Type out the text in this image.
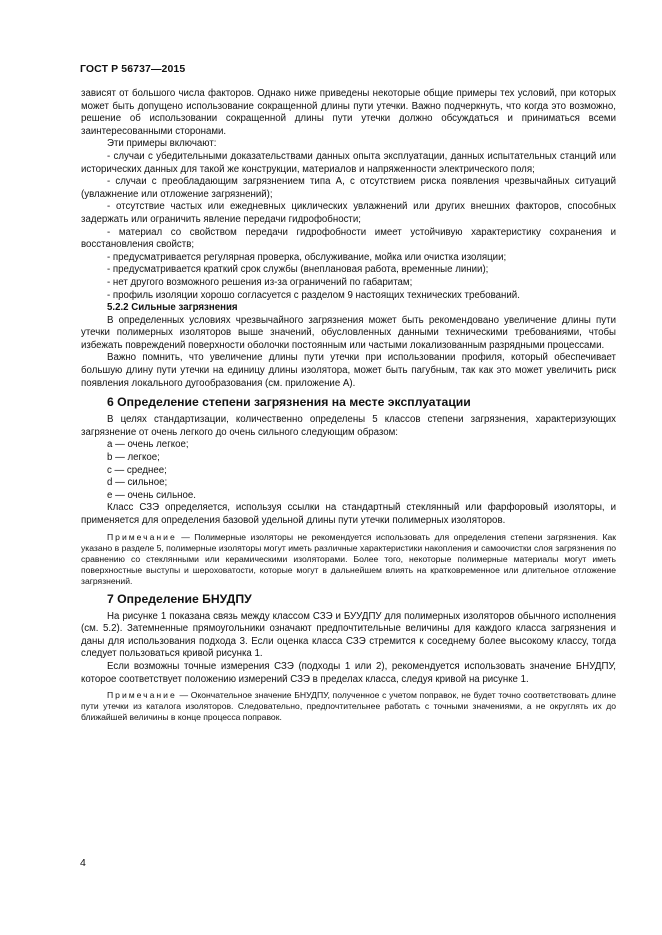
ГОСТ Р 56737—2015

зависят от большого числа факторов. Однако ниже приведены некоторые общие примеры тех условий, при которых может быть допущено использование сокращенной длины пути утечки. Важно подчеркнуть, что когда это возможно, решение об использовании сокращенной длины пути утечки должно обсуждаться и приниматься всеми заинтересованными сторонами.

Эти примеры включают:

- случаи с убедительными доказательствами данных опыта эксплуатации, данных испытательных станций или исторических данных для такой же конструкции, материалов и напряженности электрического поля;

- случаи с преобладающим загрязнением типа А, с отсутствием риска появления чрезвычайных ситуаций (увлажнение или отложение загрязнений);

- отсутствие частых или ежедневных циклических увлажнений или других внешних факторов, способных задержать или ограничить явление передачи гидрофобности;

- материал со свойством передачи гидрофобности имеет устойчивую характеристику сохранения и восстановления свойств;

- предусматривается регулярная проверка, обслуживание, мойка или очистка изоляции;

- предусматривается краткий срок службы (внеплановая работа, временные линии);

- нет другого возможного решения из-за ограничений по габаритам;

- профиль изоляции хорошо согласуется с разделом 9 настоящих технических требований.

5.2.2 Сильные загрязнения

В определенных условиях чрезвычайного загрязнения может быть рекомендовано увеличение длины пути утечки полимерных изоляторов выше значений, обусловленных данными техническими требованиями, чтобы избежать повреждений поверхности оболочки постоянным или частыми локализованным разрядными процессами.

Важно помнить, что увеличение длины пути утечки при использовании профиля, который обеспечивает большую длину пути утечки на единицу длины изолятора, может быть пагубным, так как это может увеличить риск появления локального дугообразования (см. приложение А).

6 Определение степени загрязнения на месте эксплуатации

В целях стандартизации, количественно определены 5 классов степени загрязнения, характеризующих загрязнение от очень легкого до очень сильного следующим образом:

a — очень легкое;

b — легкое;

c — среднее;

d — сильное;

e — очень сильное.

Класс СЗЭ определяется, используя ссылки на стандартный стеклянный или фарфоровый изоляторы, и применяется для определения базовой удельной длины пути утечки полимерных изоляторов.

Примечание — Полимерные изоляторы не рекомендуется использовать для определения степени загрязнения. Как указано в разделе 5, полимерные изоляторы могут иметь различные характеристики накопления и самоочистки слоя загрязнения по сравнению со стеклянными или керамическими изоляторами. Более того, некоторые полимерные материалы могут иметь поверхностные выступы и шероховатости, которые могут в дальнейшем влиять на кратковременное или длительное отложение загрязнений.

7 Определение БНУДПУ

На рисунке 1 показана связь между классом СЗЭ и БУУДПУ для полимерных изоляторов обычного исполнения (см. 5.2). Затемненные прямоугольники означают предпочтительные величины для каждого класса загрязнения и даны для использования подхода 3. Если оценка класса СЗЭ стремится к соседнему более высокому классу, тогда следует пользоваться кривой рисунка 1.

Если возможны точные измерения СЗЭ (подходы 1 или 2), рекомендуется использовать значение БНУДПУ, которое соответствует положению измерений СЗЭ в пределах класса, следуя кривой на рисунке 1.

Примечание — Окончательное значение БНУДПУ, полученное с учетом поправок, не будет точно соответствовать длине пути утечки из каталога изоляторов. Следовательно, предпочтительнее работать с точными значениями, а не округлять их до ближайшей величины в конце процесса поправок.

4
